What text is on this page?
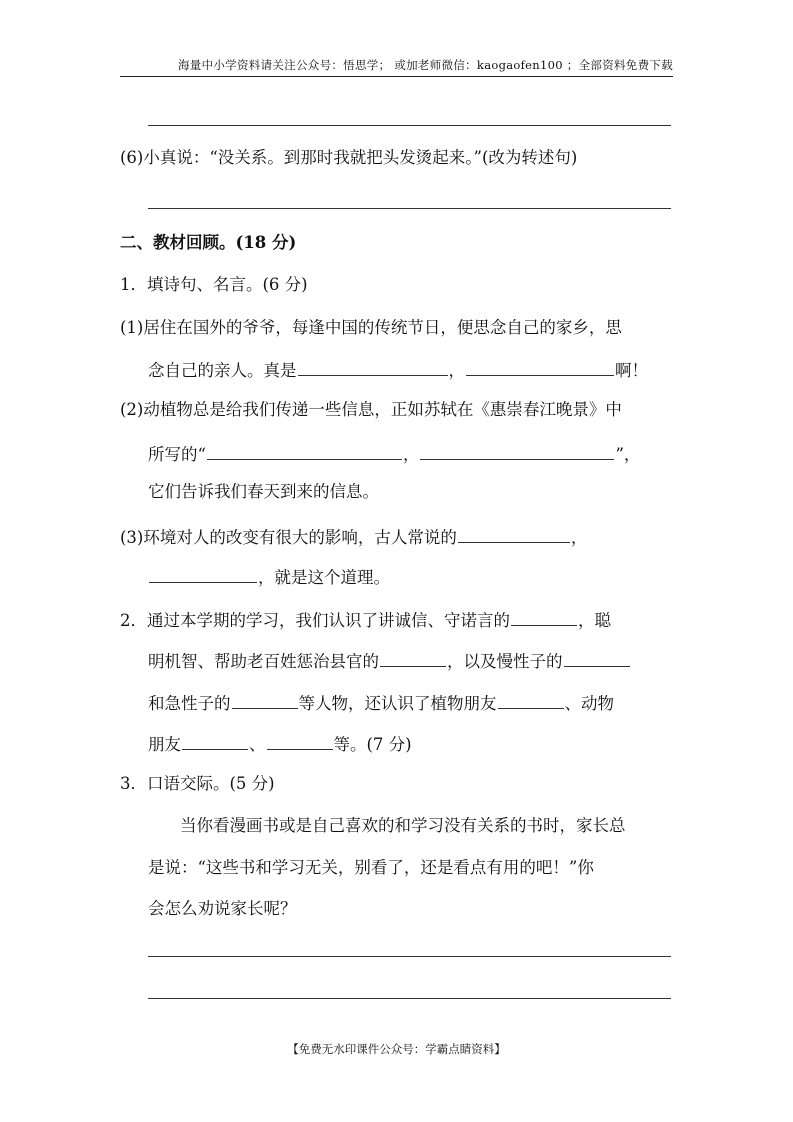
海量中小学资料请关注公众号：悟思学； 或加老师微信：kaogaofen100 ；全部资料免费下载
(6)小真说：“没关系。到那时我就把头发烫起来。”(改为转述句)
二、教材回顾。(18 分)
1．填诗句、名言。(6 分)
(1)居住在国外的爷爷，每逢中国的传统节日，便思念自己的家乡，思
念自己的亲人。真是	，	啊！
(2)动植物总是给我们传递一些信息，正如苏轼在《惠崇春江晚景》中
所写的“	，	”，
它们告诉我们春天到来的信息。
(3)环境对人的改变有很大的影响，古人常说的	，
，就是这个道理。
2．通过本学期的学习，我们认识了讲诚信、守诺言的	，聪
明机智、帮助老百姓惩治县官的	，以及慢性子的
和急性子的	等人物，还认识了植物朋友	、动物
朋友	、	等。(7 分)
3．口语交际。(5 分)
当你看漫画书或是自己喜欢的和学习没有关系的书时，家长总
是说：“这些书和学习无关，别看了，还是看点有用的吧！”你
会怎么劝说家长呢？
【免费无水印课件公众号：学霸点睛资料】
